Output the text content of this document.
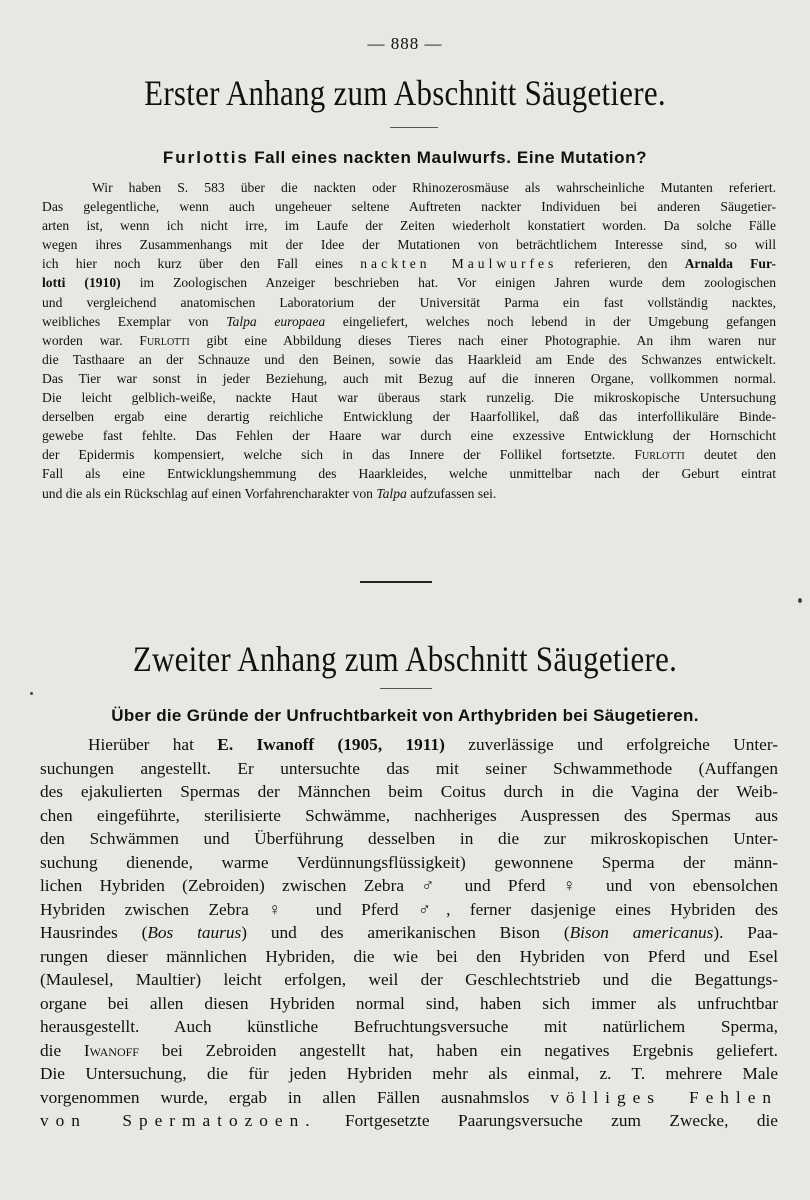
— 888 —
Erster Anhang zum Abschnitt Säugetiere.
Furlottis Fall eines nackten Maulwurfs. Eine Mutation?
Wir haben S. 583 über die nackten oder Rhinozerosmäuse als wahrscheinliche Mutanten referiert.
Das gelegentliche, wenn auch ungeheuer seltene Auftreten nackter Individuen bei anderen Säugetier-
arten ist, wenn ich nicht irre, im Laufe der Zeiten wiederholt konstatiert worden. Da solche Fälle
wegen ihres Zusammenhangs mit der Idee der Mutationen von beträchtlichem Interesse sind, so will
ich hier noch kurz über den Fall eines nackten Maulwurfes referieren, den Arnalda Fur-
lotti (1910) im Zoologischen Anzeiger beschrieben hat. Vor einigen Jahren wurde dem zoologischen
und vergleichend anatomischen Laboratorium der Universität Parma ein fast vollständig nacktes,
weibliches Exemplar von Talpa europaea eingeliefert, welches noch lebend in der Umgebung gefangen
worden war. Furlotti gibt eine Abbildung dieses Tieres nach einer Photographie. An ihm waren nur
die Tasthaare an der Schnauze und den Beinen, sowie das Haarkleid am Ende des Schwanzes entwickelt.
Das Tier war sonst in jeder Beziehung, auch mit Bezug auf die inneren Organe, vollkommen normal.
Die leicht gelblich-weiße, nackte Haut war überaus stark runzelig. Die mikroskopische Untersuchung
derselben ergab eine derartig reichliche Entwicklung der Haarfollikel, daß das interfollikuläre Binde-
gewebe fast fehlte. Das Fehlen der Haare war durch eine exzessive Entwicklung der Hornschicht
der Epidermis kompensiert, welche sich in das Innere der Follikel fortsetzte. Furlotti deutet den
Fall als eine Entwicklungshemmung des Haarkleides, welche unmittelbar nach der Geburt eintrat
und die als ein Rückschlag auf einen Vorfahrencharakter von Talpa aufzufassen sei.
Zweiter Anhang zum Abschnitt Säugetiere.
Über die Gründe der Unfruchtbarkeit von Arthybriden bei Säugetieren.
Hierüber hat E. Iwanoff (1905, 1911) zuverlässige und erfolgreiche Unter-
suchungen angestellt. Er untersuchte das mit seiner Schwammethode (Auffangen
des ejakulierten Spermas der Männchen beim Coitus durch in die Vagina der Weib-
chen eingeführte, sterilisierte Schwämme, nachheriges Auspressen des Spermas aus
den Schwämmen und Überführung desselben in die zur mikroskopischen Unter-
suchung dienende, warme Verdünnungsflüssigkeit) gewonnene Sperma der männ-
lichen Hybriden (Zebroiden) zwischen Zebra ♂ und Pferd ♀ und von ebensolchen
Hybriden zwischen Zebra ♀ und Pferd ♂, ferner dasjenige eines Hybriden des
Hausrindes (Bos taurus) und des amerikanischen Bison (Bison americanus). Paa-
rungen dieser männlichen Hybriden, die wie bei den Hybriden von Pferd und Esel
(Maulesel, Maultier) leicht erfolgen, weil der Geschlechtstrieb und die Begattungs-
organe bei allen diesen Hybriden normal sind, haben sich immer als unfruchtbar
herausgestellt. Auch künstliche Befruchtungsversuche mit natürlichem Sperma,
die Iwanoff bei Zebroiden angestellt hat, haben ein negatives Ergebnis geliefert.
Die Untersuchung, die für jeden Hybriden mehr als einmal, z. T. mehrere Male
vorgenommen wurde, ergab in allen Fällen ausnahmslos völliges Fehlen
von Spermatozoen. Fortgesetzte Paarungsversuche zum Zwecke, die
